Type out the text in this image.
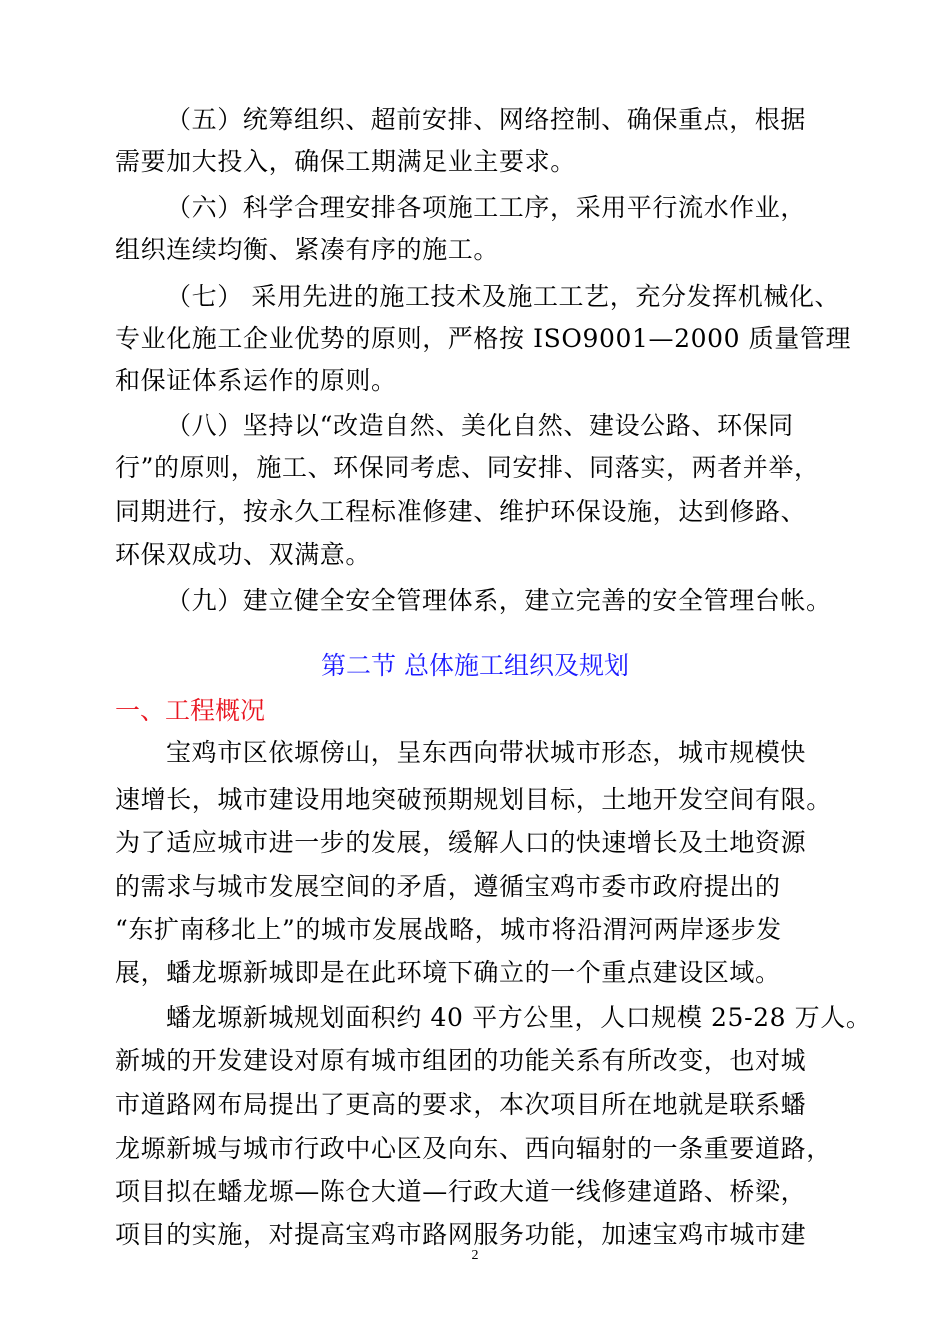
（五）统筹组织、超前安排、网络控制、确保重点，根据
需要加大投入，确保工期满足业主要求。
（六）科学合理安排各项施工工序，采用平行流水作业，
组织连续均衡、紧凑有序的施工。
（七） 采用先进的施工技术及施工工艺，充分发挥机械化、
专业化施工企业优势的原则，严格按 ISO9001—2000 质量管理
和保证体系运作的原则。
（八）坚持以“改造自然、美化自然、建设公路、环保同
行”的原则，施工、环保同考虑、同安排、同落实，两者并举，
同期进行，按永久工程标准修建、维护环保设施，达到修路、
环保双成功、双满意。
（九）建立健全安全管理体系，建立完善的安全管理台帐。
第二节 总体施工组织及规划
一、工程概况
宝鸡市区依塬傍山，呈东西向带状城市形态，城市规模快
速增长，城市建设用地突破预期规划目标，土地开发空间有限。
为了适应城市进一步的发展，缓解人口的快速增长及土地资源
的需求与城市发展空间的矛盾，遵循宝鸡市委市政府提出的
“东扩南移北上”的城市发展战略，城市将沿渭河两岸逐步发
展，蟠龙塬新城即是在此环境下确立的一个重点建设区域。
蟠龙塬新城规划面积约 40 平方公里，人口规模 25-28 万人。
新城的开发建设对原有城市组团的功能关系有所改变，也对城
市道路网布局提出了更高的要求，本次项目所在地就是联系蟠
龙塬新城与城市行政中心区及向东、西向辐射的一条重要道路，
项目拟在蟠龙塬—陈仓大道—行政大道一线修建道路、桥梁，
项目的实施，对提高宝鸡市路网服务功能，加速宝鸡市城市建
2
